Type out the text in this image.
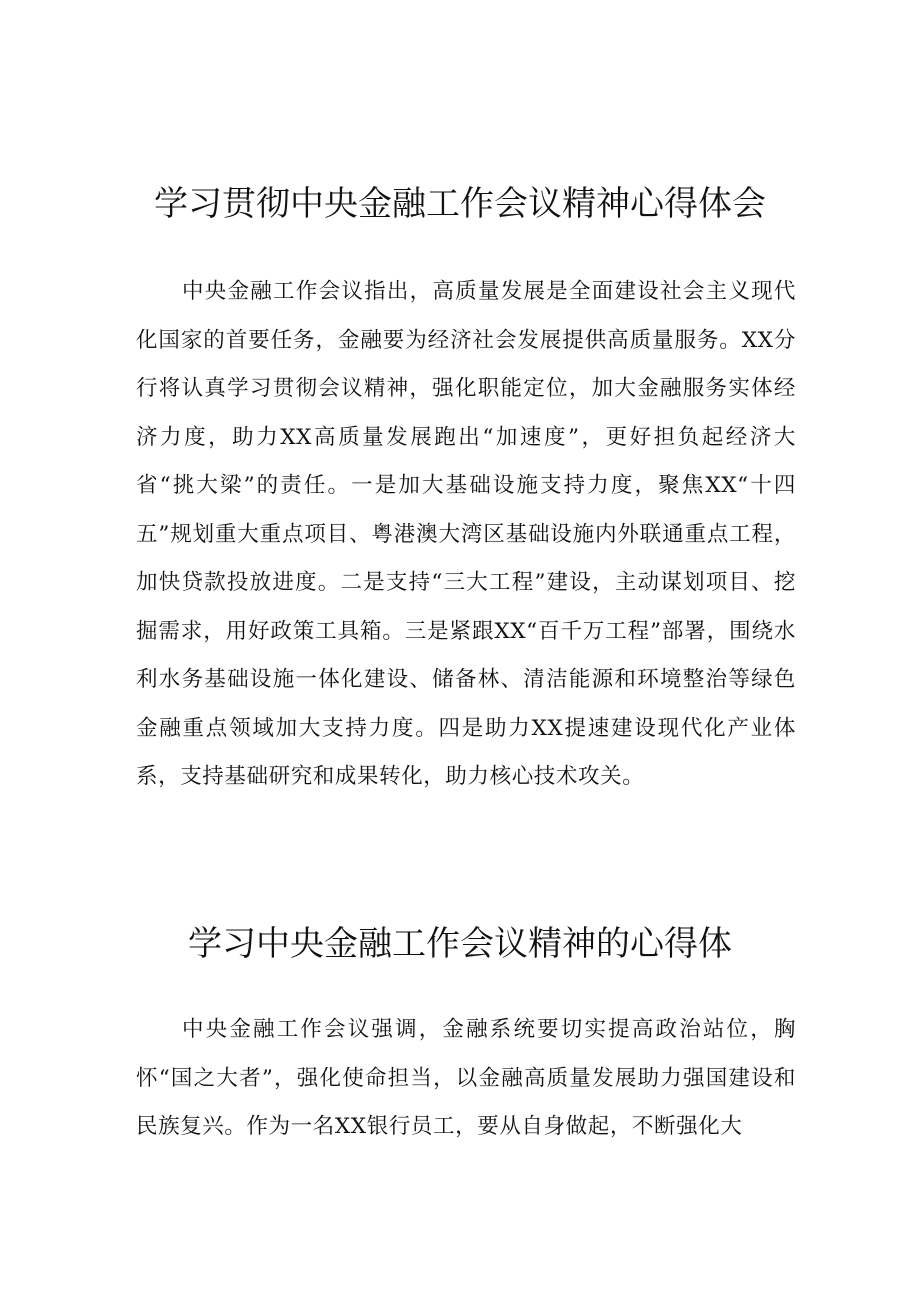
学习贯彻中央金融工作会议精神心得体会

中央金融工作会议指出，高质量发展是全面建设社会主义现代化国家的首要任务，金融要为经济社会发展提供高质量服务。XX分行将认真学习贯彻会议精神，强化职能定位，加大金融服务实体经济力度，助力XX高质量发展跑出“加速度”，更好担负起经济大省“挑大梁”的责任。一是加大基础设施支持力度，聚焦XX“十四五”规划重大重点项目、粤港澳大湾区基础设施内外联通重点工程，加快贷款投放进度。二是支持“三大工程”建设，主动谋划项目、挖掘需求，用好政策工具箱。三是紧跟XX“百千万工程”部署，围绕水利水务基础设施一体化建设、储备林、清洁能源和环境整治等绿色金融重点领域加大支持力度。四是助力XX提速建设现代化产业体系，支持基础研究和成果转化，助力核心技术攻关。

学习中央金融工作会议精神的心得体

中央金融工作会议强调，金融系统要切实提高政治站位，胸怀“国之大者”，强化使命担当，以金融高质量发展助力强国建设和民族复兴。作为一名XX银行员工，要从自身做起，不断强化大
